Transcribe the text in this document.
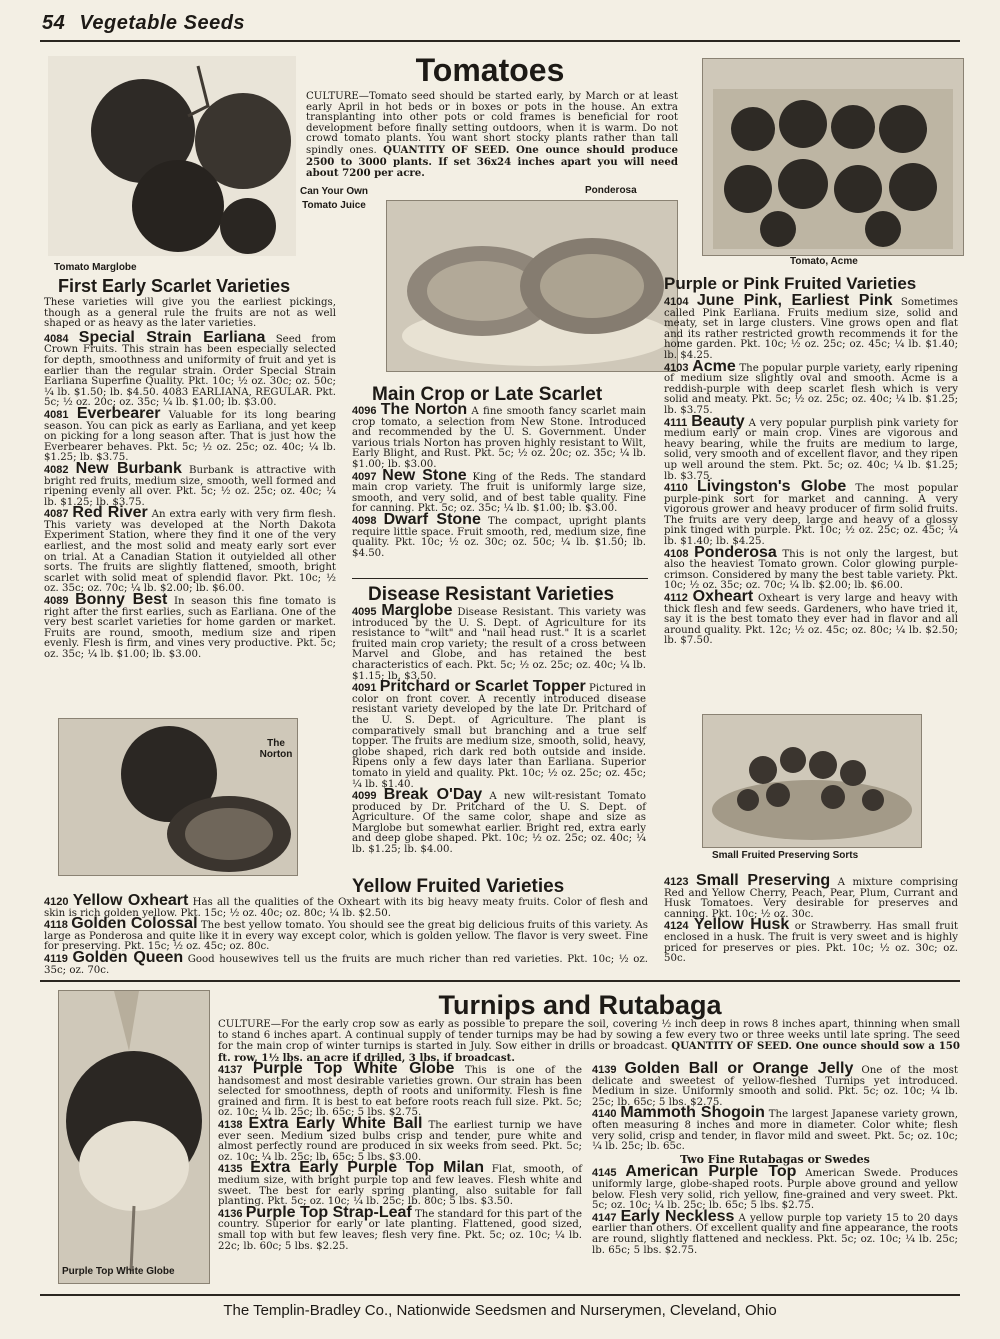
54 Vegetable Seeds
Tomato Marglobe
Tomatoes
CULTURE—Tomato seed should be started early, by March or at least early April in hot beds or in boxes or pots in the house. An extra transplanting into other pots or cold frames is beneficial for root development before finally setting outdoors, when it is warm. Do not crowd tomato plants. You want short stocky plants rather than tall spindly ones. QUANTITY OF SEED. One ounce should produce 2500 to 3000 plants. If set 36x24 inches apart you will need about 7200 per acre.
Can Your Own Tomato Juice
Ponderosa
Tomato, Acme
First Early Scarlet Varieties
These varieties will give you the earliest pickings, though as a general rule the fruits are not as well shaped or as heavy as the later varieties.
4084 Special Strain Earliana Seed from Crown Fruits. This strain has been especially selected for depth, smoothness and uniformity of fruit and yet is earlier than the regular strain. Order Special Strain Earliana Superfine Quality. Pkt. 10c; ½ oz. 30c; oz. 50c; ¼ lb. $1.50; lb. $4.50. 4083 EARLIANA, REGULAR. Pkt. 5c; ½ oz. 20c; oz. 35c; ¼ lb. $1.00; lb. $3.00.
4081 Everbearer Valuable for its long bearing season. You can pick as early as Earliana, and yet keep on picking for a long season after. That is just how the Everbearer behaves. Pkt. 5c; ½ oz. 25c; oz. 40c; ¼ lb. $1.25; lb. $3.75.
4082 New Burbank Burbank is attractive with bright red fruits, medium size, smooth, well formed and ripening evenly all over. Pkt. 5c; ½ oz. 25c; oz. 40c; ¼ lb. $1.25; lb. $3.75.
4087 Red River An extra early with very firm flesh. This variety was developed at the North Dakota Experiment Station, where they find it one of the very earliest, and the most solid and meaty early sort ever on trial. At a Canadian Station it outyielded all other sorts. The fruits are slightly flattened, smooth, bright scarlet with solid meat of splendid flavor. Pkt. 10c; ½ oz. 35c; oz. 70c; ¼ lb. $2.00; lb. $6.00.
4089 Bonny Best In season this fine tomato is right after the first earlies, such as Earliana. One of the very best scarlet varieties for home garden or market. Fruits are round, smooth, medium size and ripen evenly. Flesh is firm, and vines very productive. Pkt. 5c; oz. 35c; ¼ lb. $1.00; lb. $3.00.
The Norton
Main Crop or Late Scarlet
4096 The Norton A fine smooth fancy scarlet main crop tomato, a selection from New Stone. Introduced and recommended by the U. S. Government. Under various trials Norton has proven highly resistant to Wilt, Early Blight, and Rust. Pkt. 5c; ½ oz. 20c; oz. 35c; ¼ lb. $1.00; lb. $3.00.
4097 New Stone King of the Reds. The standard main crop variety. The fruit is uniformly large size, smooth, and very solid, and of best table quality. Fine for canning. Pkt. 5c; oz. 35c; ¼ lb. $1.00; lb. $3.00.
4098 Dwarf Stone The compact, upright plants require little space. Fruit smooth, red, medium size, fine quality. Pkt. 10c; ½ oz. 30c; oz. 50c; ¼ lb. $1.50; lb. $4.50.
Disease Resistant Varieties
4095 Marglobe Disease Resistant. This variety was introduced by the U. S. Dept. of Agriculture for its resistance to "wilt" and "nail head rust." It is a scarlet fruited main crop variety; the result of a cross between Marvel and Globe, and has retained the best characteristics of each. Pkt. 5c; ½ oz. 25c; oz. 40c; ¼ lb. $1.15; lb. $3.50.
4091 Pritchard or Scarlet Topper Pictured in color on front cover. A recently introduced disease resistant variety developed by the late Dr. Pritchard of the U. S. Dept. of Agriculture. The plant is comparatively small but branching and a true self topper. The fruits are medium size, smooth, solid, heavy, globe shaped, rich dark red both outside and inside. Ripens only a few days later than Earliana. Superior tomato in yield and quality. Pkt. 10c; ½ oz. 25c; oz. 45c; ¼ lb. $1.40.
4099 Break O'Day A new wilt-resistant Tomato produced by Dr. Pritchard of the U. S. Dept. of Agriculture. Of the same color, shape and size as Marglobe but somewhat earlier. Bright red, extra early and deep globe shaped. Pkt. 10c; ½ oz. 25c; oz. 40c; ¼ lb. $1.25; lb. $4.00.
Purple or Pink Fruited Varieties
4104 June Pink, Earliest Pink Sometimes called Pink Earliana. Fruits medium size, solid and meaty, set in large clusters. Vine grows open and flat and its rather restricted growth recommends it for the home garden. Pkt. 10c; ½ oz. 25c; oz. 45c; ¼ lb. $1.40; lb. $4.25.
4103 Acme The popular purple variety, early ripening of medium size slightly oval and smooth. Acme is a reddish-purple with deep scarlet flesh which is very solid and meaty. Pkt. 5c; ½ oz. 25c; oz. 40c; ¼ lb. $1.25; lb. $3.75.
4111 Beauty A very popular purplish pink variety for medium early or main crop. Vines are vigorous and heavy bearing, while the fruits are medium to large, solid, very smooth and of excellent flavor, and they ripen up well around the stem. Pkt. 5c; oz. 40c; ¼ lb. $1.25; lb. $3.75.
4110 Livingston's Globe The most popular purple-pink sort for market and canning. A very vigorous grower and heavy producer of firm solid fruits. The fruits are very deep, large and heavy of a glossy pink tinged with purple. Pkt. 10c; ½ oz. 25c; oz. 45c; ¼ lb. $1.40; lb. $4.25.
4108 Ponderosa This is not only the largest, but also the heaviest Tomato grown. Color glowing purple-crimson. Considered by many the best table variety. Pkt. 10c; ½ oz. 35c; oz. 70c; ¼ lb. $2.00; lb. $6.00.
4112 Oxheart Oxheart is very large and heavy with thick flesh and few seeds. Gardeners, who have tried it, say it is the best tomato they ever had in flavor and all around quality. Pkt. 12c; ½ oz. 45c; oz. 80c; ¼ lb. $2.50; lb. $7.50.
Small Fruited Preserving Sorts
Yellow Fruited Varieties
4120 Yellow Oxheart Has all the qualities of the Oxheart with its big heavy meaty fruits. Color of flesh and skin is rich golden yellow. Pkt. 15c; ½ oz. 40c; oz. 80c; ¼ lb. $2.50.
4118 Golden Colossal The best yellow tomato. You should see the great big delicious fruits of this variety. As large as Ponderosa and quite like it in every way except color, which is golden yellow. The flavor is very sweet. Fine for preserving. Pkt. 15c; ½ oz. 45c; oz. 80c.
4119 Golden Queen Good housewives tell us the fruits are much richer than red varieties. Pkt. 10c; ½ oz. 35c; oz. 70c.
4123 Small Preserving A mixture comprising Red and Yellow Cherry, Peach, Pear, Plum, Currant and Husk Tomatoes. Very desirable for preserves and canning. Pkt. 10c; ½ oz. 30c.
4124 Yellow Husk or Strawberry. Has small fruit enclosed in a husk. The fruit is very sweet and is highly priced for preserves or pies. Pkt. 10c; ½ oz. 30c; oz. 50c.
Purple Top White Globe
Turnips and Rutabaga
CULTURE—For the early crop sow as early as possible to prepare the soil, covering ½ inch deep in rows 8 inches apart, thinning when small to stand 6 inches apart. A continual supply of tender turnips may be had by sowing a few every two or three weeks until late spring. The seed for the main crop of winter turnips is started in July. Sow either in drills or broadcast. QUANTITY OF SEED. One ounce should sow a 150 ft. row, 1½ lbs. an acre if drilled, 3 lbs. if broadcast.
4137 Purple Top White Globe This is one of the handsomest and most desirable varieties grown. Our strain has been selected for smoothness, depth of roots and uniformity. Flesh is fine grained and firm. It is best to eat before roots reach full size. Pkt. 5c; oz. 10c; ¼ lb. 25c; lb. 65c; 5 lbs. $2.75.
4138 Extra Early White Ball The earliest turnip we have ever seen. Medium sized bulbs crisp and tender, pure white and almost perfectly round are produced in six weeks from seed. Pkt. 5c; oz. 10c; ¼ lb. 25c; lb. 65c; 5 lbs. $3.00.
4135 Extra Early Purple Top Milan Flat, smooth, of medium size, with bright purple top and few leaves. Flesh white and sweet. The best for early spring planting, also suitable for fall planting. Pkt. 5c; oz. 10c; ¼ lb. 25c; lb. 80c; 5 lbs. $3.50.
4136 Purple Top Strap-Leaf The standard for this part of the country. Superior for early or late planting. Flattened, good sized, small top with but few leaves; flesh very fine. Pkt. 5c; oz. 10c; ¼ lb. 22c; lb. 60c; 5 lbs. $2.25.
4139 Golden Ball or Orange Jelly One of the most delicate and sweetest of yellow-fleshed Turnips yet introduced. Medium in size. Uniformly smooth and solid. Pkt. 5c; oz. 10c; ¼ lb. 25c; lb. 65c; 5 lbs. $2.75.
4140 Mammoth Shogoin The largest Japanese variety grown, often measuring 8 inches and more in diameter. Color white; flesh very solid, crisp and tender, in flavor mild and sweet. Pkt. 5c; oz. 10c; ¼ lb. 25c; lb. 65c.
Two Fine Rutabagas or Swedes
4145 American Purple Top American Swede. Produces uniformly large, globe-shaped roots. Purple above ground and yellow below. Flesh very solid, rich yellow, fine-grained and very sweet. Pkt. 5c; oz. 10c; ¼ lb. 25c; lb. 65c; 5 lbs. $2.75.
4147 Early Neckless A yellow purple top variety 15 to 20 days earlier than others. Of excellent quality and fine appearance, the roots are round, slightly flattened and neckless. Pkt. 5c; oz. 10c; ¼ lb. 25c; lb. 65c; 5 lbs. $2.75.
The Templin-Bradley Co., Nationwide Seedsmen and Nurserymen, Cleveland, Ohio
